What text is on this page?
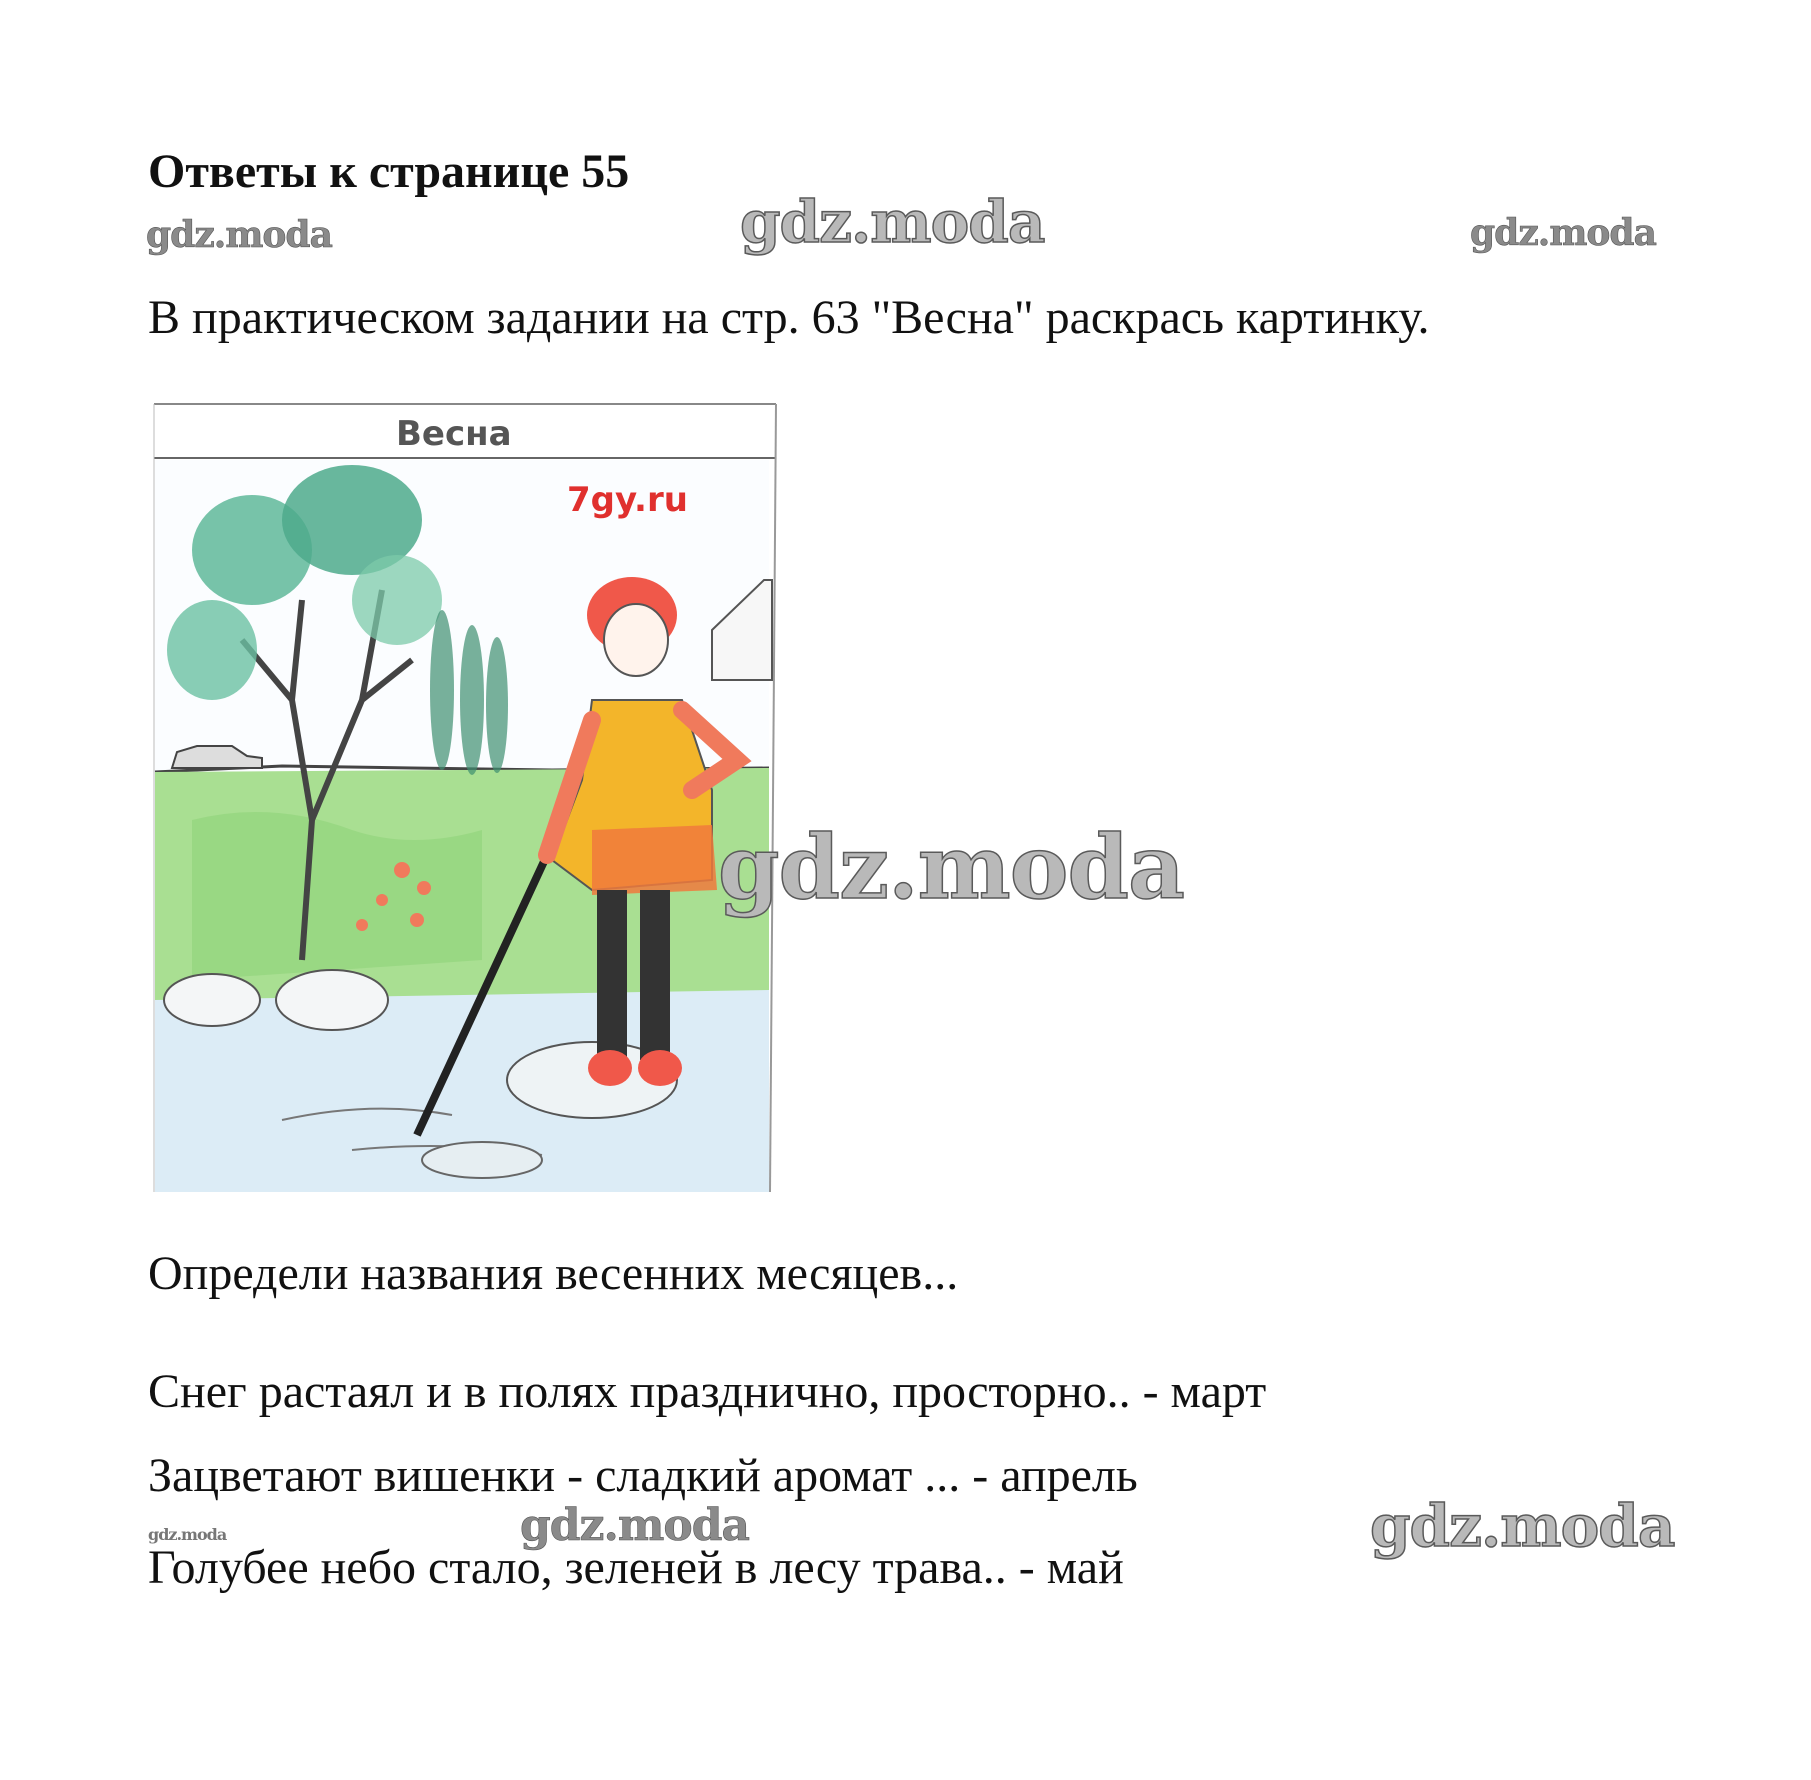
Ответы к странице 55
gdz.moda	gdz.moda	gdz.moda
В практическом задании на стр. 63 "Весна" раскрась картинку.
Весна
7gy.ru
gdz.moda
Определи названия весенних месяцев...
Снег растаял и в полях празднично, просторно.. - март
Зацветают вишенки - сладкий аромат ... - апрель
Голубее небо стало, зеленей в лесу трава.. - май
gdz.moda	gdz.moda	gdz.moda
